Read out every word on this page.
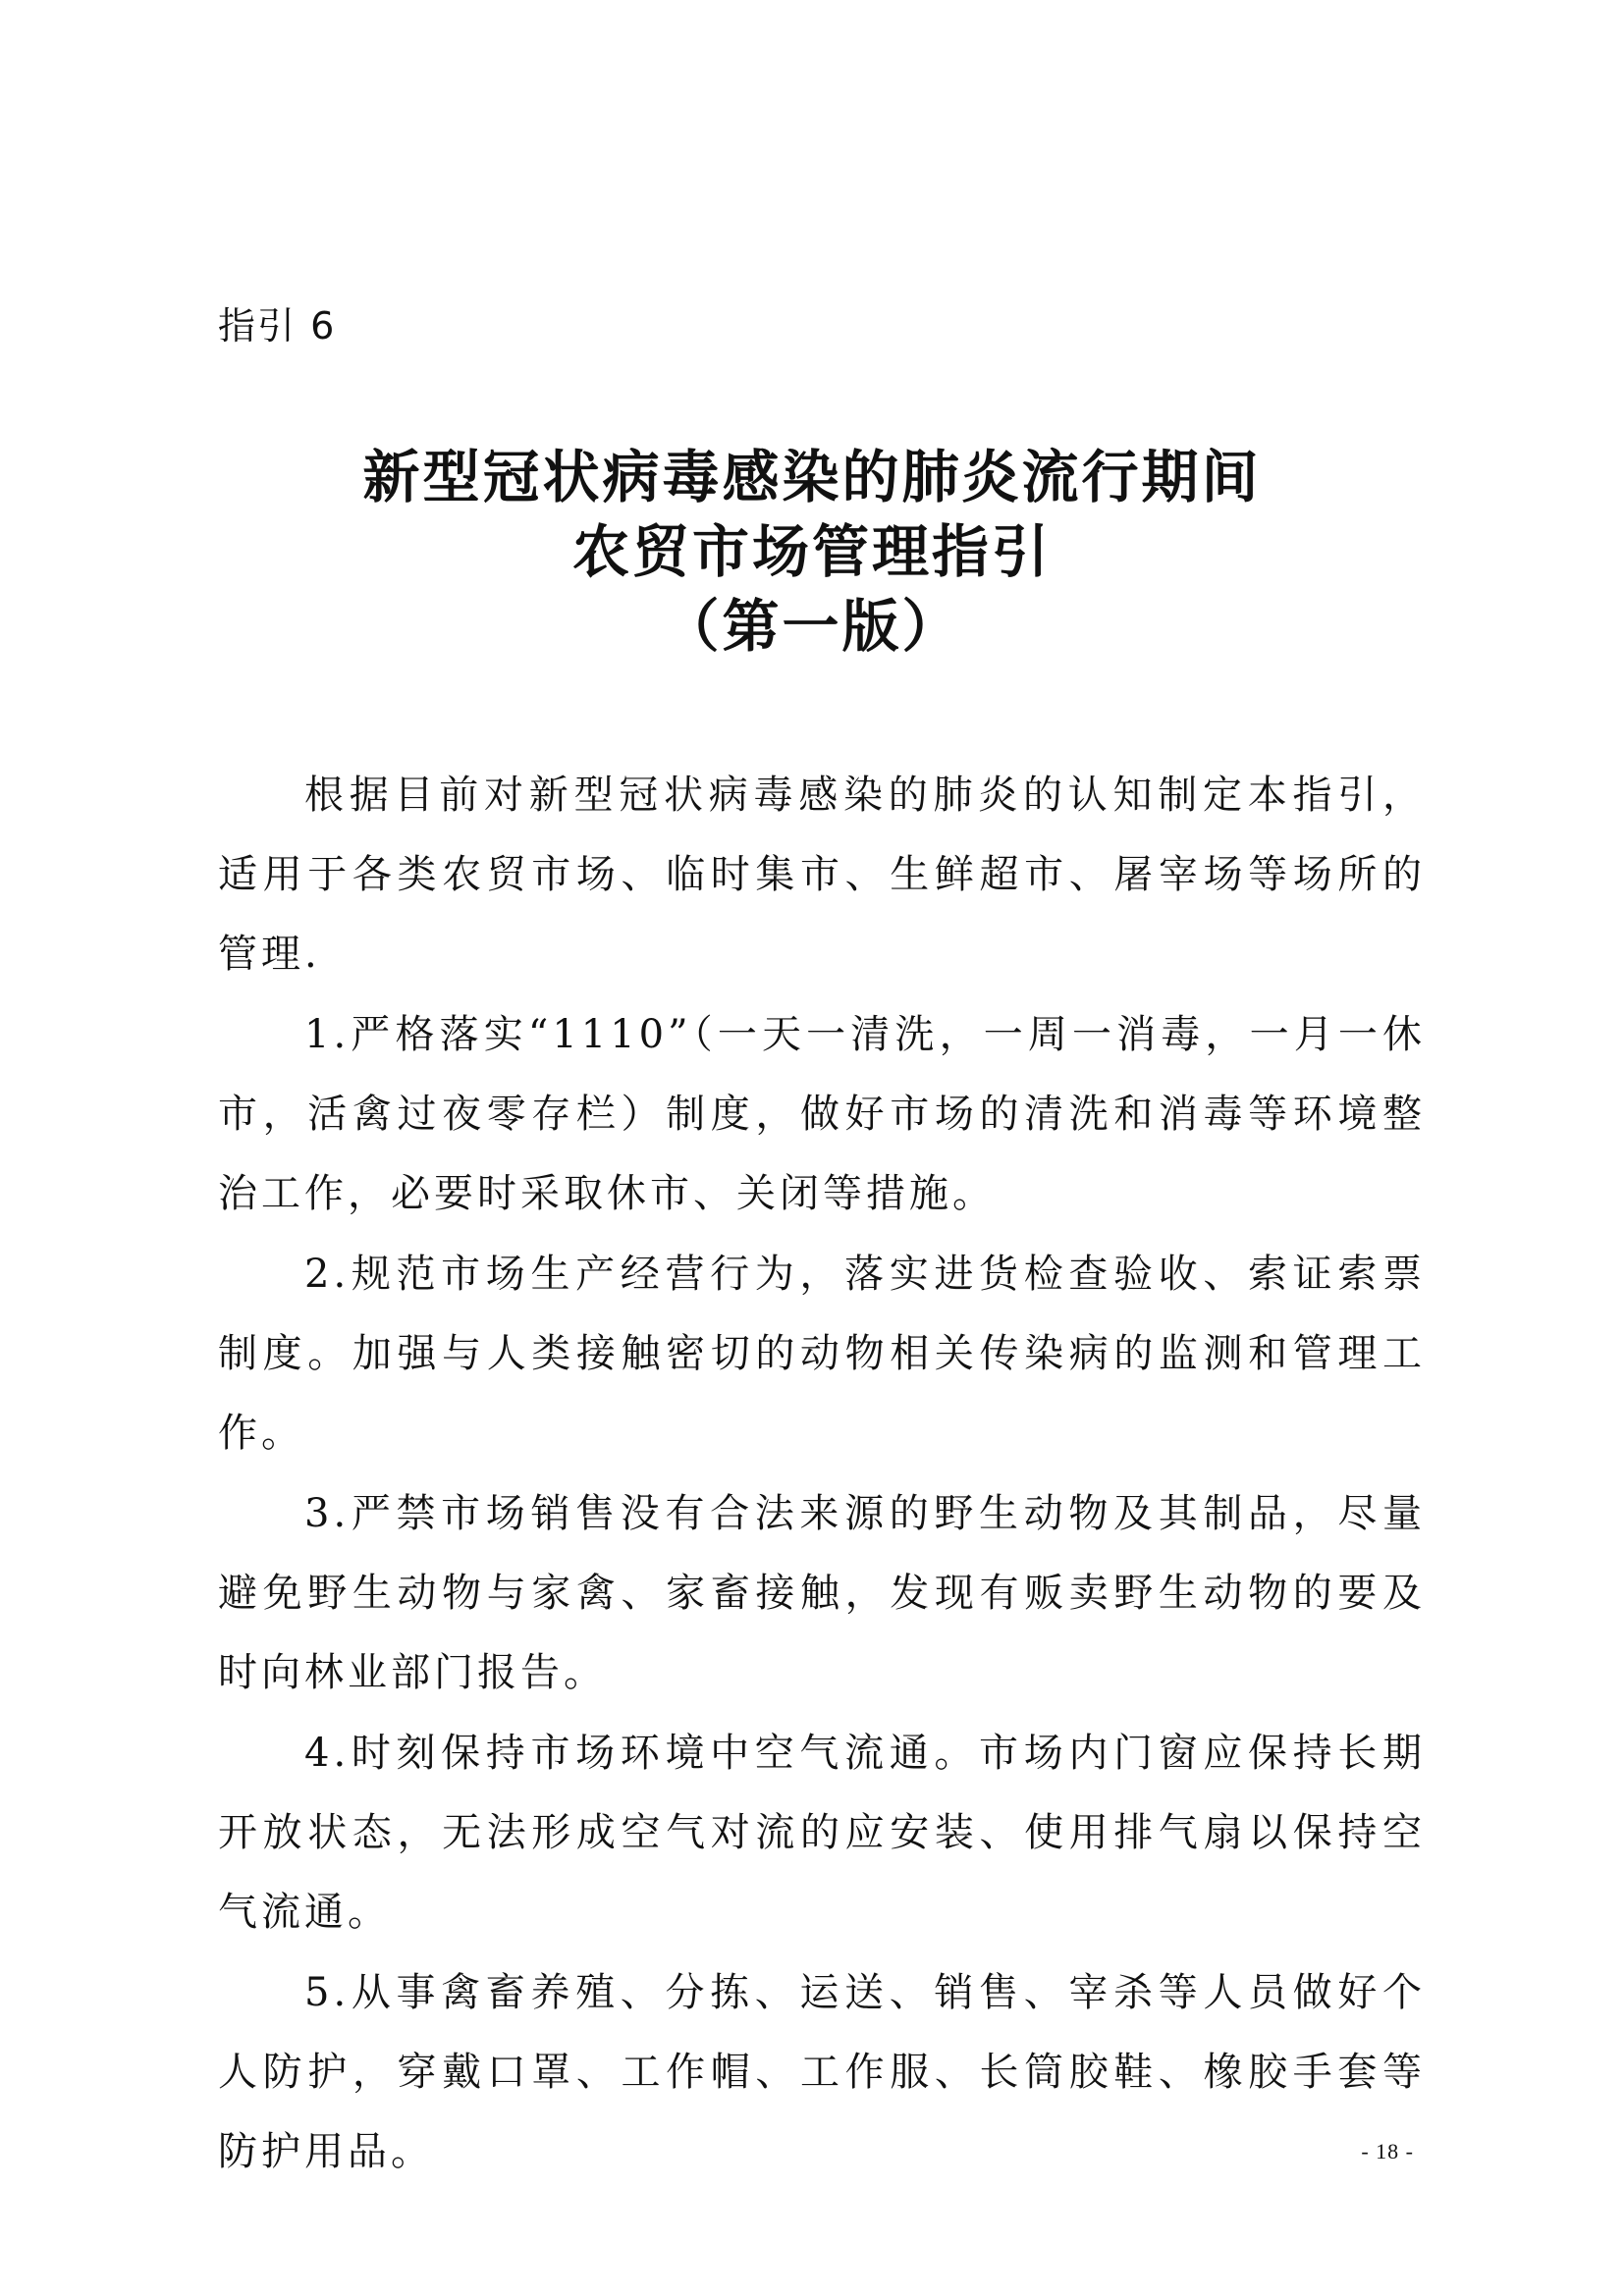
指引 6
新型冠状病毒感染的肺炎流行期间
农贸市场管理指引
（第一版）

根据目前对新型冠状病毒感染的肺炎的认知制定本指引，适用于各类农贸市场、临时集市、生鲜超市、屠宰场等场所的管理.

1.严格落实“1110”（一天一清洗，一周一消毒，一月一休市，活禽过夜零存栏）制度，做好市场的清洗和消毒等环境整治工作，必要时采取休市、关闭等措施。

2.规范市场生产经营行为，落实进货检查验收、索证索票制度。加强与人类接触密切的动物相关传染病的监测和管理工作。

3.严禁市场销售没有合法来源的野生动物及其制品，尽量避免野生动物与家禽、家畜接触，发现有贩卖野生动物的要及时向林业部门报告。

4.时刻保持市场环境中空气流通。市场内门窗应保持长期开放状态，无法形成空气对流的应安装、使用排气扇以保持空气流通。

5.从事禽畜养殖、分拣、运送、销售、宰杀等人员做好个人防护，穿戴口罩、工作帽、工作服、长筒胶鞋、橡胶手套等防护用品。	- 18 -
